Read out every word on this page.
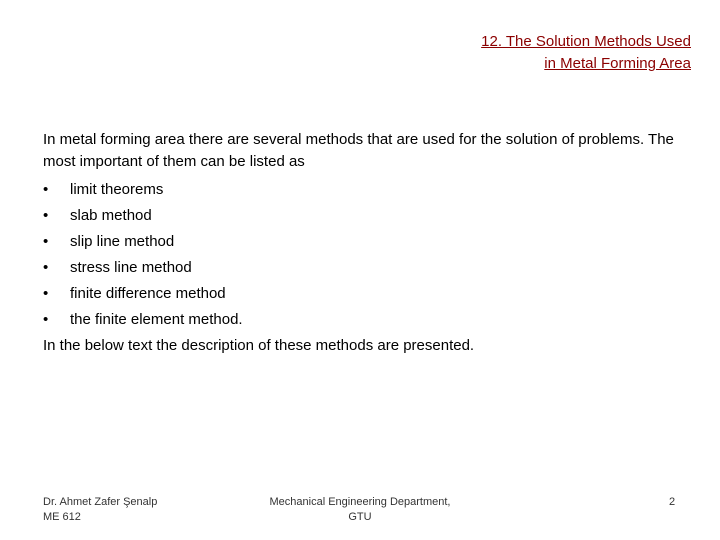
12. The Solution Methods Used
in Metal Forming Area
In metal forming area there are several methods that are used for the solution of problems. The most important of them can be listed as
•	limit theorems
•	slab method
•	slip line method
•	stress line method
•	finite difference method
•	the finite element method.
In the below text the description of these methods are presented.
Dr. Ahmet Zafer Şenalp
ME 612
Mechanical Engineering Department,
GTU
2
